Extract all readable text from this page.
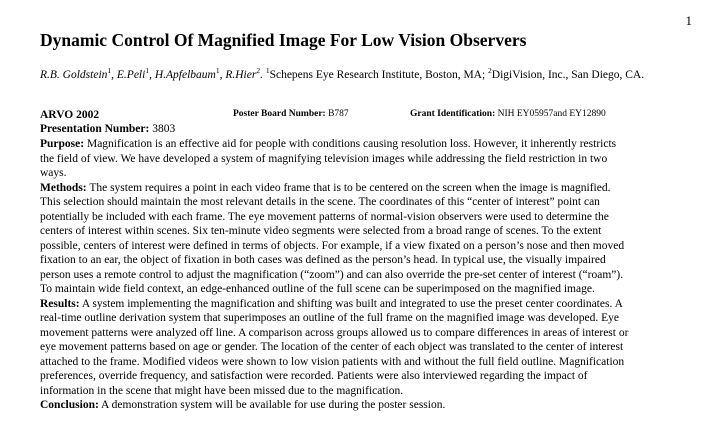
1
Dynamic Control Of Magnified Image For Low Vision Observers
R.B. Goldstein$^1$, E.Peli$^1$, H.Apfelbaum$^1$, R.Hier$^2$. $^1$Schepens Eye Research Institute, Boston, MA; $^2$DigiVision, Inc., San Diego, CA.
ARVO 2002	Poster Board Number: B787	Grant Identification: NIH EY05957and EY12890
Presentation Number: 3803

Purpose: Magnification is an effective aid for people with conditions causing resolution loss. However, it inherently restricts the field of view. We have developed a system of magnifying television images while addressing the field restriction in two ways.

Methods: The system requires a point in each video frame that is to be centered on the screen when the image is magnified. This selection should maintain the most relevant details in the scene. The coordinates of this “center of interest” point can potentially be included with each frame. The eye movement patterns of normal-vision observers were used to determine the centers of interest within scenes. Six ten-minute video segments were selected from a broad range of scenes. To the extent possible, centers of interest were defined in terms of objects. For example, if a view fixated on a person’s nose and then moved fixation to an ear, the object of fixation in both cases was defined as the person’s head. In typical use, the visually impaired person uses a remote control to adjust the magnification (“zoom”) and can also override the pre-set center of interest (“roam”). To maintain wide field context, an edge-enhanced outline of the full scene can be superimposed on the magnified image.

Results: A system implementing the magnification and shifting was built and integrated to use the preset center coordinates. A real-time outline derivation system that superimposes an outline of the full frame on the magnified image was developed. Eye movement patterns were analyzed off line. A comparison across groups allowed us to compare differences in areas of interest or eye movement patterns based on age or gender. The location of the center of each object was translated to the center of interest attached to the frame. Modified videos were shown to low vision patients with and without the full field outline. Magnification preferences, override frequency, and satisfaction were recorded. Patients were also interviewed regarding the impact of information in the scene that might have been missed due to the magnification.

Conclusion: A demonstration system will be available for use during the poster session.
